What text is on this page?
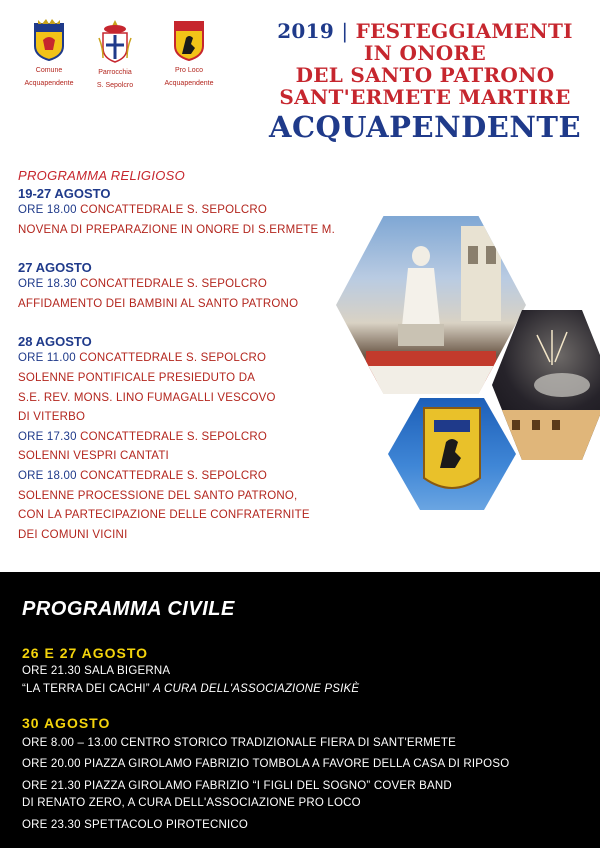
Comune
Acquapendente
Parrocchia
S. Sepolcro
Pro Loco
Acquapendente
2019 | FESTEGGIAMENTI
IN ONORE
DEL SANTO PATRONO
SANT'ERMETE MARTIRE
ACQUAPENDENTE
PROGRAMMA RELIGIOSO
19-27 AGOSTO
ORE 18.00 CONCATTEDRALE S. SEPOLCRO
NOVENA DI PREPARAZIONE IN ONORE DI S.ERMETE M.
27 AGOSTO
ORE 18.30 CONCATTEDRALE S. SEPOLCRO
AFFIDAMENTO DEI BAMBINI AL SANTO PATRONO
28 AGOSTO
ORE 11.00 CONCATTEDRALE S. SEPOLCRO
SOLENNE PONTIFICALE PRESIEDUTO DA
S.E. REV. MONS. LINO FUMAGALLI VESCOVO
DI VITERBO
ORE 17.30 CONCATTEDRALE S. SEPOLCRO
SOLENNI VESPRI CANTATI
ORE 18.00 CONCATTEDRALE S. SEPOLCRO
SOLENNE PROCESSIONE DEL SANTO PATRONO,
CON LA PARTECIPAZIONE DELLE CONFRATERNITE
DEI COMUNI VICINI
PROGRAMMA CIVILE
26 E 27 AGOSTO
ORE 21.30 SALA BIGERNA
“LA TERRA DEI CACHI” A CURA DELL'ASSOCIAZIONE PSIKÈ
30 AGOSTO
ORE 8.00 – 13.00 CENTRO STORICO TRADIZIONALE FIERA DI SANT'ERMETE
ORE 20.00 PIAZZA GIROLAMO FABRIZIO TOMBOLA A FAVORE DELLA CASA DI RIPOSO
ORE 21.30 PIAZZA GIROLAMO FABRIZIO “I FIGLI DEL SOGNO” COVER BAND
DI RENATO ZERO, A CURA DELL'ASSOCIAZIONE PRO LOCO
ORE 23.30 SPETTACOLO PIROTECNICO
